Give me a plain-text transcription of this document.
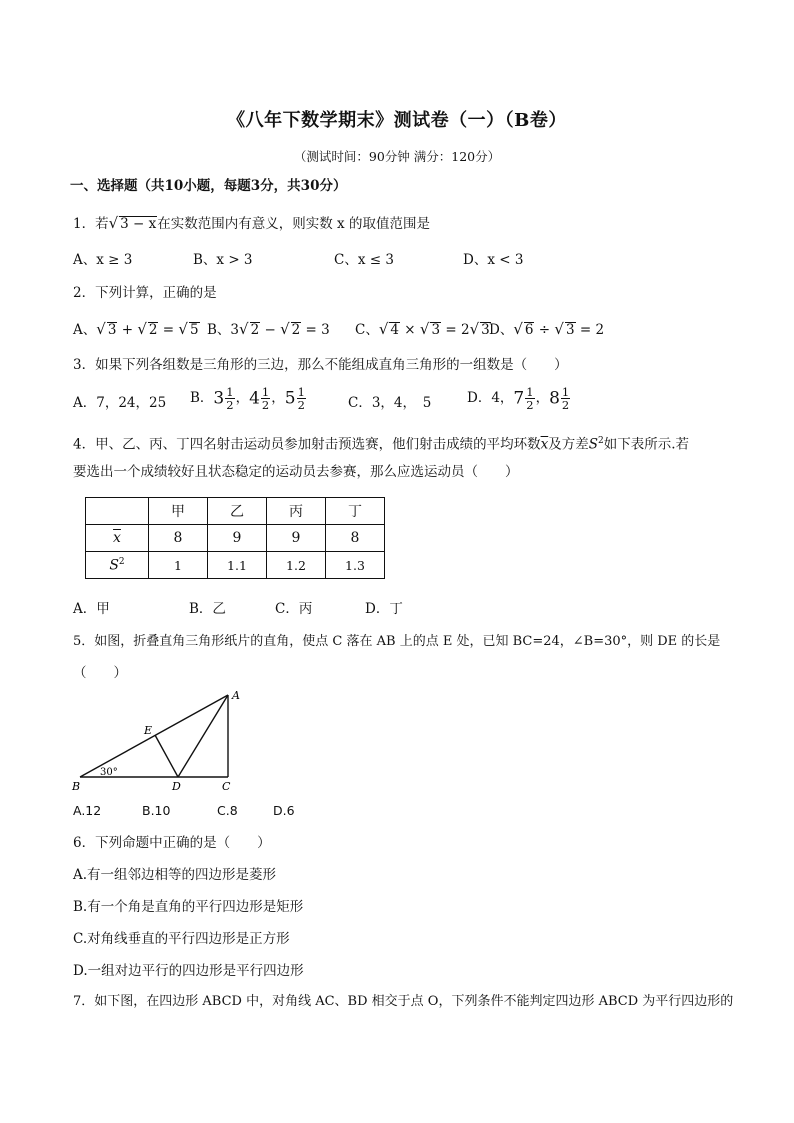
《八年下数学期末》测试卷（一）（B卷）
（测试时间：90分钟 满分：120分）
一、选择题（共10小题，每题3分，共30分）
1．若√ 3 − x在实数范围内有意义，则实数 x 的取值范围是
A、x ≥ 3	B、x > 3	C、x ≤ 3	D、x < 3
2．下列计算，正确的是
A、√ 3 + √ 2 = √ 5 B、3√ 2 − √ 2 = 3 C、√ 4 × √ 3 = 2√ 3 D、√ 6 ÷ √ 3 = 2
3．如果下列各组数是三角形的三边，那么不能组成直角三角形的一组数是（　　）
A．7，24，25 B．$3 \frac{1}{2}$ ，$4 \frac{1}{2}$ ，$5 \frac{1}{2}$	C．3，4，　5	D．4，$7 \frac{1}{2}$ ，$8 \frac{1}{2}$
4．甲、乙、丙、丁四名射击运动员参加射击预选赛，他们射击成绩的平均环数$\overline{x}$及方差$S^2$如下表所示.若
要选出一个成绩较好且状态稳定的运动员去参赛，那么应选运动员（　　）
	甲	乙	丙	丁
$\overline{x}$	8	9	9	8
$S^2$	1	1.1	1.2	1.3
A．甲	B．乙	C．丙	D．丁
5．如图，折叠直角三角形纸片的直角，使点 C 落在 AB 上的点 E 处，已知 BC=24，∠B=30°，则 DE 的长是
（　　）
A
B	C
D
E
30°
A.12	B.10	C.8	D.6
6．下列命题中正确的是（　　）
A.有一组邻边相等的四边形是菱形
B.有一个角是直角的平行四边形是矩形
C.对角线垂直的平行四边形是正方形
D.一组对边平行的四边形是平行四边形
7．如下图，在四边形 ABCD 中，对角线 AC、BD 相交于点 O，下列条件不能判定四边形 ABCD 为平行四边形的
